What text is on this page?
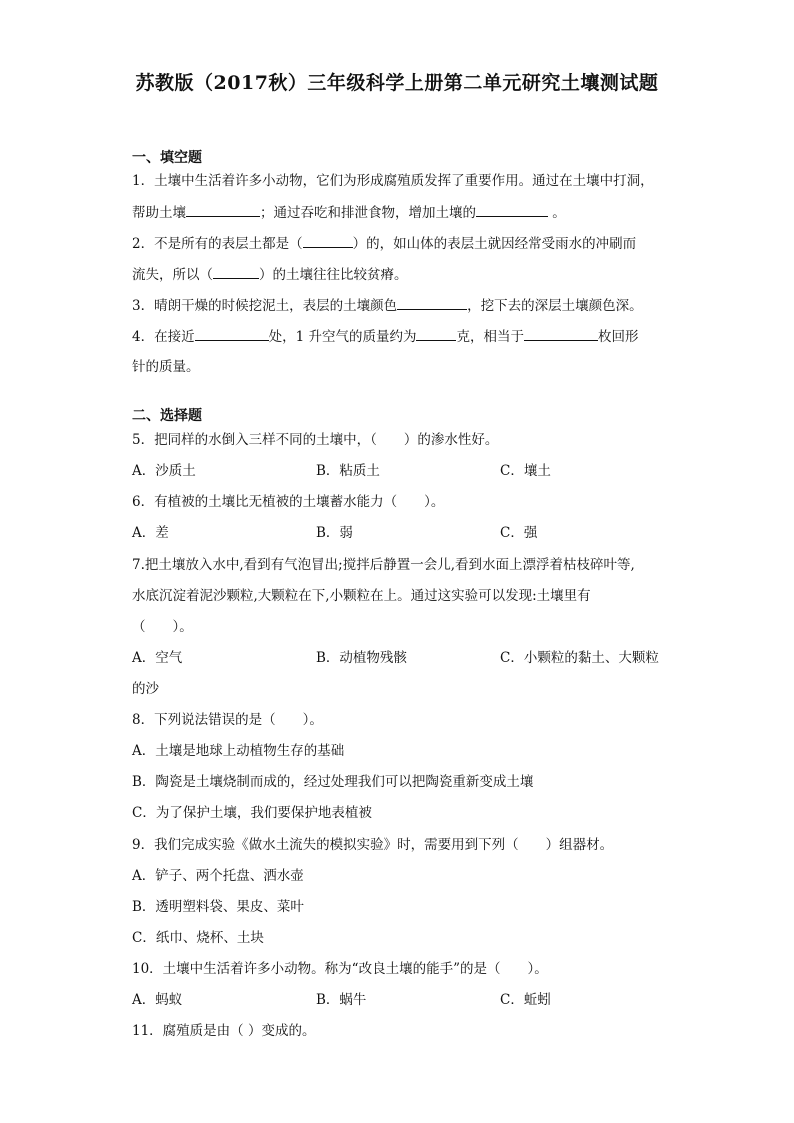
苏教版（2017秋）三年级科学上册第二单元研究土壤测试题
一、填空题
1．土壤中生活着许多小动物，它们为形成腐殖质发挥了重要作用。通过在土壤中打洞，
帮助土壤	；通过吞吃和排泄食物，增加土壤的	。
2．不是所有的表层土都是（	）的，如山体的表层土就因经常受雨水的冲刷而
流失，所以（	）的土壤往往比较贫瘠。
3．晴朗干燥的时候挖泥土，表层的土壤颜色	，挖下去的深层土壤颜色深。
4．在接近	处，1 升空气的质量约为	克，相当于	枚回形
针的质量。
二、选择题
5．把同样的水倒入三样不同的土壤中，（　　）的渗水性好。
A．沙质土	B．粘质土	C．壤土
6．有植被的土壤比无植被的土壤蓄水能力（　　）。
A．差	B．弱	C．强
7.把土壤放入水中,看到有气泡冒出;搅拌后静置一会儿,看到水面上漂浮着枯枝碎叶等,
水底沉淀着泥沙颗粒,大颗粒在下,小颗粒在上。通过这实验可以发现:土壤里有
（　　）。
A．空气	B．动植物残骸	C．小颗粒的黏土、大颗粒
的沙
8．下列说法错误的是（　　）。
A．土壤是地球上动植物生存的基础
B．陶瓷是土壤烧制而成的，经过处理我们可以把陶瓷重新变成土壤
C．为了保护土壤，我们要保护地表植被
9．我们完成实验《做水土流失的模拟实验》时，需要用到下列（　　）组器材。
A．铲子、两个托盘、洒水壶
B．透明塑料袋、果皮、菜叶
C．纸巾、烧杯、土块
10．土壤中生活着许多小动物。称为“改良土壤的能手”的是（　　）。
A．蚂蚁	B．蜗牛	C．蚯蚓
11．腐殖质是由（ ）变成的。
